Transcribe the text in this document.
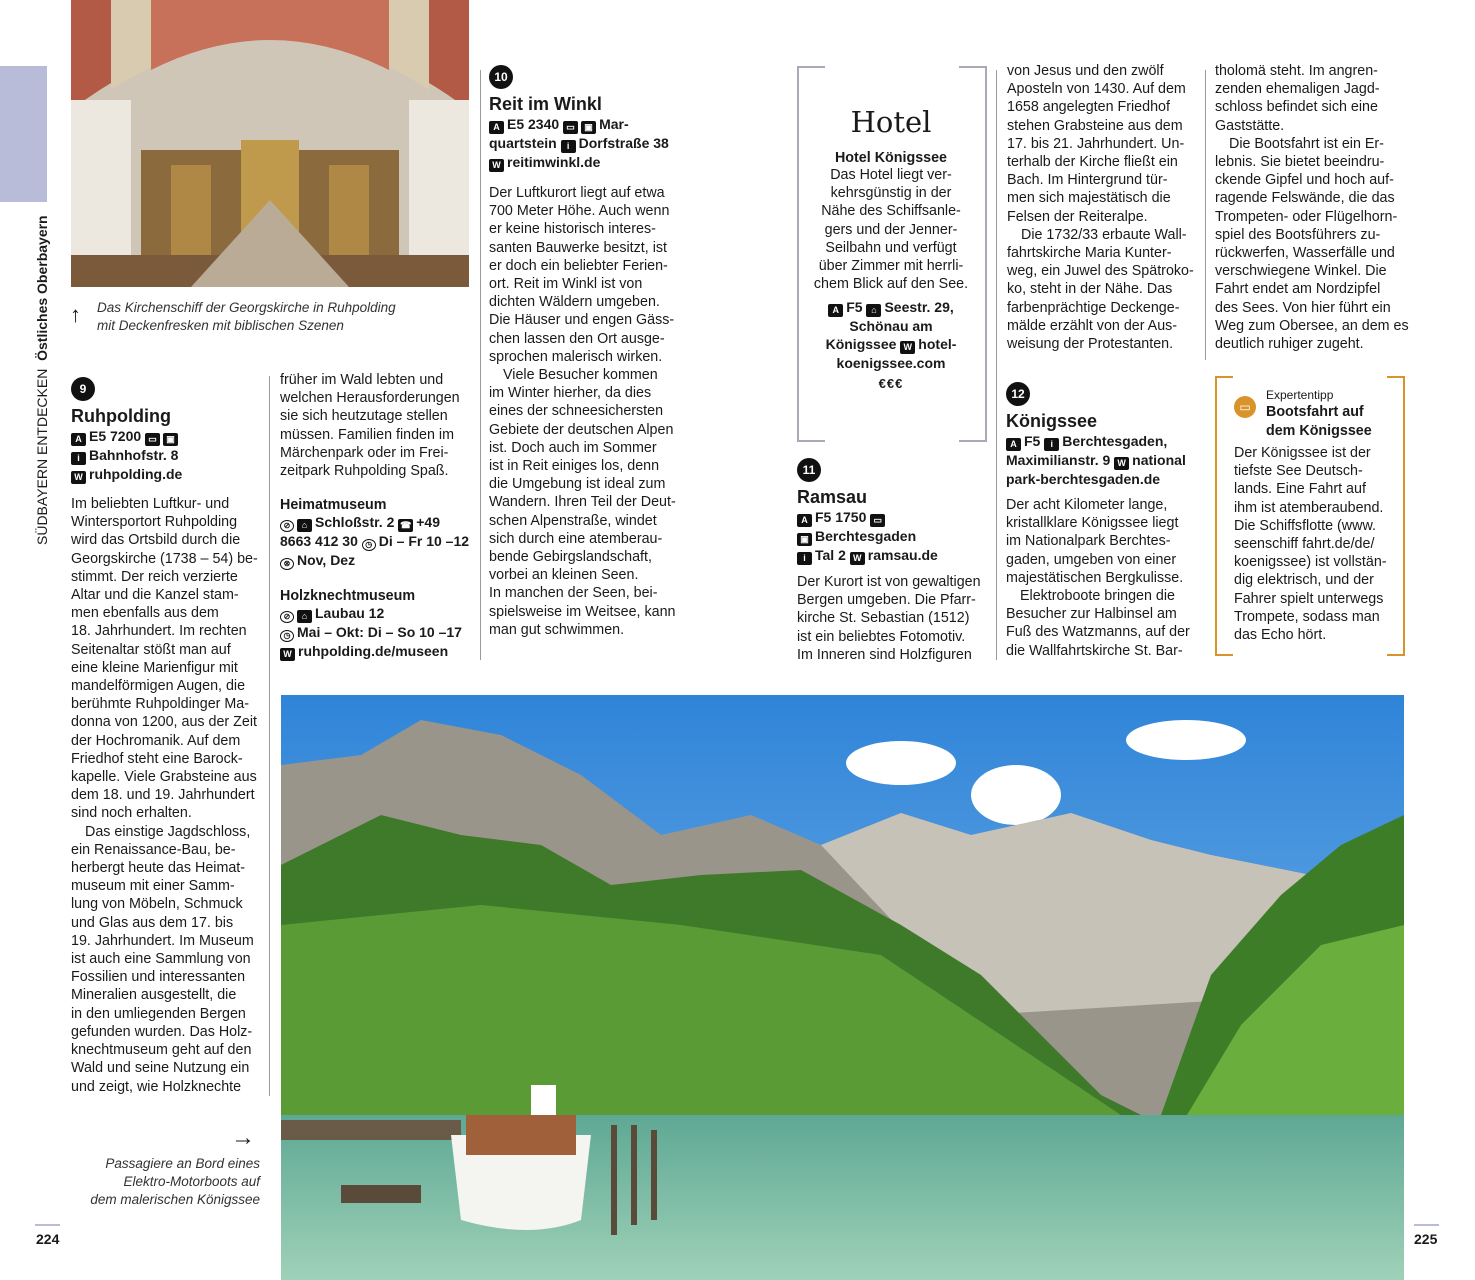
SÜDBAYERN ENTDECKEN  Östliches Oberbayern ↑ Das Kirchenschiff der Georgskirche in Ruhpolding
mit Deckenfresken mit biblischen Szenen
9
Ruhpolding
A E5 7200 ▭ ▣
i Bahnhofstr. 8
W ruhpolding.de
Im beliebten Luftkur- und
Wintersportort Ruhpolding
wird das Ortsbild durch die
Georgskirche (1738 – 54) be-
stimmt. Der reich verzierte
Altar und die Kanzel stam-
men ebenfalls aus dem
18. Jahrhundert. Im rechten
Seitenaltar stößt man auf
eine kleine Marienfigur mit
mandelförmigen Augen, die
berühmte Ruhpoldinger Ma-
donna von 1200, aus der Zeit
der Hochromanik. Auf dem
Friedhof steht eine Barock-
kapelle. Viele Grabsteine aus
dem 18. und 19. Jahrhundert
sind noch erhalten.
Das einstige Jagdschloss,
ein Renaissance-Bau, be-
herbergt heute das Heimat-
museum mit einer Samm-
lung von Möbeln, Schmuck
und Glas aus dem 17. bis
19. Jahrhundert. Im Museum
ist auch eine Sammlung von
Fossilien und interessanten
Mineralien ausgestellt, die
in den umliegenden Bergen
gefunden wurden. Das Holz-
knechtmuseum geht auf den
Wald und seine Nutzung ein
und zeigt, wie Holzknechte
früher im Wald lebten und
welchen Herausforderungen
sie sich heutzutage stellen
müssen. Familien finden im
Märchenpark oder im Frei-
zeitpark Ruhpolding Spaß.
Heimatmuseum
⊘ ⌂ Schloßstr. 2 ☎ +49
8663 412 30 ◷ Di – Fr 10 –12
⊗ Nov, Dez
Holzknechtmuseum
⊘ ⌂ Laubau 12
◷ Mai – Okt: Di – So 10 –17
W ruhpolding.de/museen
10
Reit im Winkl
A E5 2340 ▭ ▣ Mar-
quartstein i Dorfstraße 38
W reitimwinkl.de
Der Luftkurort liegt auf etwa
700 Meter Höhe. Auch wenn
er keine historisch interes-
santen Bauwerke besitzt, ist
er doch ein beliebter Ferien-
ort. Reit im Winkl ist von
dichten Wäldern umgeben.
Die Häuser und engen Gäss-
chen lassen den Ort ausge-
sprochen malerisch wirken.
Viele Besucher kommen
im Winter hierher, da dies
eines der schneesichersten
Gebiete der deutschen Alpen
ist. Doch auch im Sommer
ist in Reit einiges los, denn
die Umgebung ist ideal zum
Wandern. Ihren Teil der Deut-
schen Alpenstraße, windet
sich durch eine atemberau-
bende Gebirgslandschaft,
vorbei an kleinen Seen.
In manchen der Seen, bei-
spielsweise im Weitsee, kann
man gut schwimmen.
Hotel
Hotel Königssee
Das Hotel liegt ver-
kehrsgünstig in der
Nähe des Schiffsanle-
gers und der Jenner-
Seilbahn und verfügt
über Zimmer mit herrli-
chem Blick auf den See.
A F5 ⌂ Seestr. 29,
Schönau am
Königssee W hotel-
koenigssee.com
€€€
11
Ramsau
A F5 1750 ▭
▣ Berchtesgaden
i Tal 2 W ramsau.de
Der Kurort ist von gewaltigen
Bergen umgeben. Die Pfarr-
kirche St. Sebastian (1512)
ist ein beliebtes Fotomotiv.
Im Inneren sind Holzfiguren
von Jesus und den zwölf
Aposteln von 1430. Auf dem
1658 angelegten Friedhof
stehen Grabsteine aus dem
17. bis 21. Jahrhundert. Un-
terhalb der Kirche fließt ein
Bach. Im Hintergrund tür-
men sich majestätisch die
Felsen der Reiteralpe.
Die 1732/33 erbaute Wall-
fahrtskirche Maria Kunter-
weg, ein Juwel des Spätroko-
ko, steht in der Nähe. Das
farbenprächtige Deckenge-
mälde erzählt von der Aus-
weisung der Protestanten.
12
Königssee
A F5 i Berchtesgaden,
Maximilianstr. 9 W national
park-berchtesgaden.de
Der acht Kilometer lange,
kristallklare Königssee liegt
im Nationalpark Berchtes-
gaden, umgeben von einer
majestätischen Bergkulisse.
Elektroboote bringen die
Besucher zur Halbinsel am
Fuß des Watzmanns, auf der
die Wallfahrtskirche St. Bar-
tholomä steht. Im angren-
zenden ehemaligen Jagd-
schloss befindet sich eine
Gaststätte.
Die Bootsfahrt ist ein Er-
lebnis. Sie bietet beeindru-
ckende Gipfel und hoch auf-
ragende Felswände, die das
Trompeten- oder Flügelhorn-
spiel des Bootsführers zu-
rückwerfen, Wasserfälle und
verschwiegene Winkel. Die
Fahrt endet am Nordzipfel
des Sees. Von hier führt ein
Weg zum Obersee, an dem es
deutlich ruhiger zugeht.
▭
Expertentipp
Bootsfahrt auf
dem Königssee
Der Königssee ist der
tiefste See Deutsch-
lands. Eine Fahrt auf
ihm ist atemberaubend.
Die Schiffsflotte (www.
seenschiff fahrt.de/de/
koenigssee) ist vollstän-
dig elektrisch, und der
Fahrer spielt unterwegs
Trompete, sodass man
das Echo hört.
→
Passagiere an Bord eines
Elektro-Motorboots auf
dem malerischen Königssee
224	225
